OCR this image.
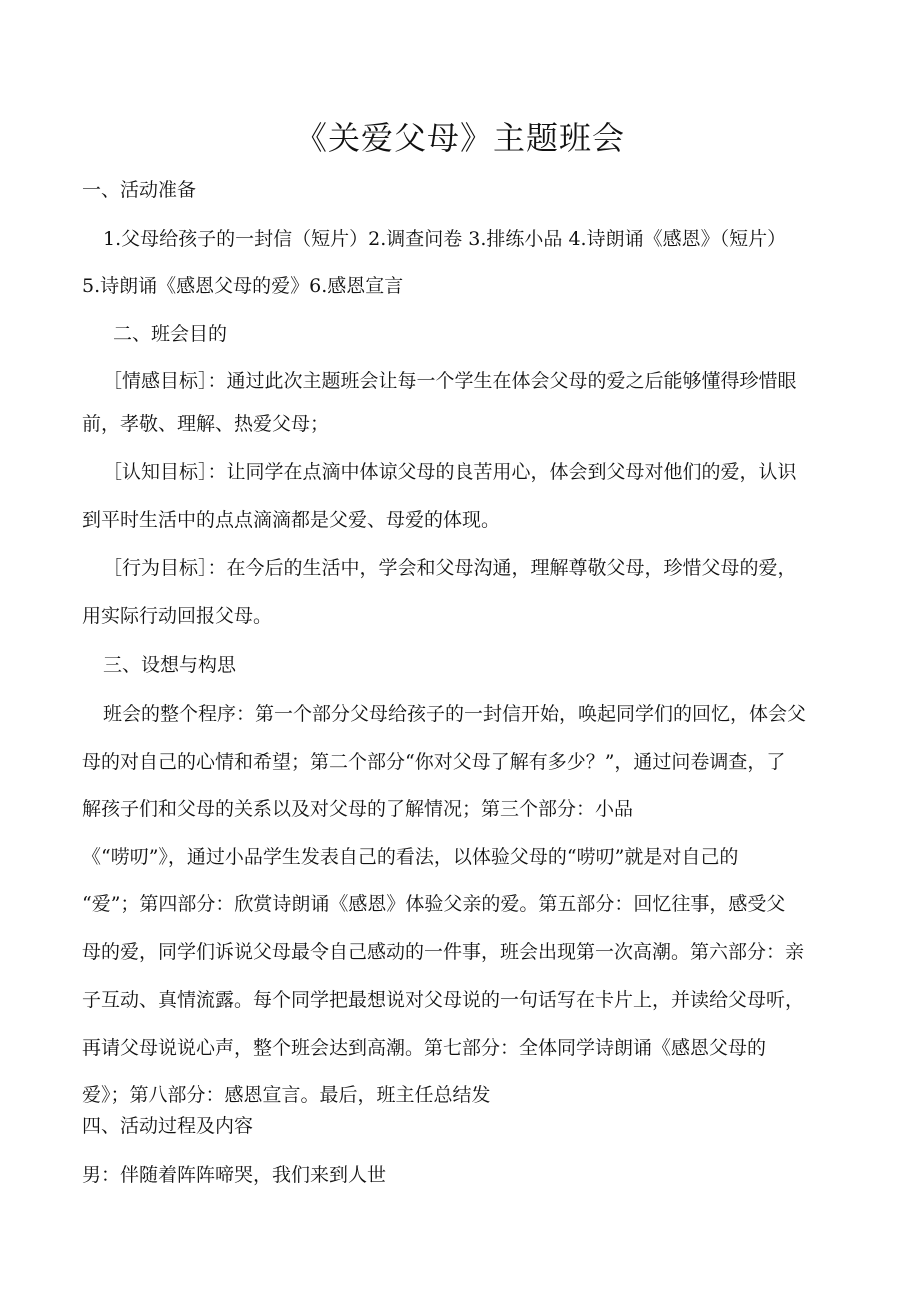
《关爱父母》主题班会

一、活动准备

1.父母给孩子的一封信（短片）2.调查问卷 3.排练小品 4.诗朗诵《感恩》（短片）

5.诗朗诵《感恩父母的爱》6.感恩宣言

二、班会目的

［情感目标］：通过此次主题班会让每一个学生在体会父母的爱之后能够懂得珍惜眼

前，孝敬、理解、热爱父母；

［认知目标］：让同学在点滴中体谅父母的良苦用心，体会到父母对他们的爱，认识

到平时生活中的点点滴滴都是父爱、母爱的体现。

［行为目标］：在今后的生活中，学会和父母沟通，理解尊敬父母，珍惜父母的爱，

用实际行动回报父母。

三、设想与构思

班会的整个程序：第一个部分父母给孩子的一封信开始，唤起同学们的回忆，体会父

母的对自己的心情和希望；第二个部分“你对父母了解有多少？”，通过问卷调查，了

解孩子们和父母的关系以及对父母的了解情况；第三个部分：小品

《“唠叨”》，通过小品学生发表自己的看法，以体验父母的“唠叨”就是对自己的

“爱”；第四部分：欣赏诗朗诵《感恩》体验父亲的爱。第五部分：回忆往事，感受父

母的爱，同学们诉说父母最令自己感动的一件事，班会出现第一次高潮。第六部分：亲

子互动、真情流露。每个同学把最想说对父母说的一句话写在卡片上，并读给父母听，

再请父母说说心声，整个班会达到高潮。第七部分：全体同学诗朗诵《感恩父母的

爱》；第八部分：感恩宣言。最后，班主任总结发

四、活动过程及内容

男：伴随着阵阵啼哭，我们来到人世
